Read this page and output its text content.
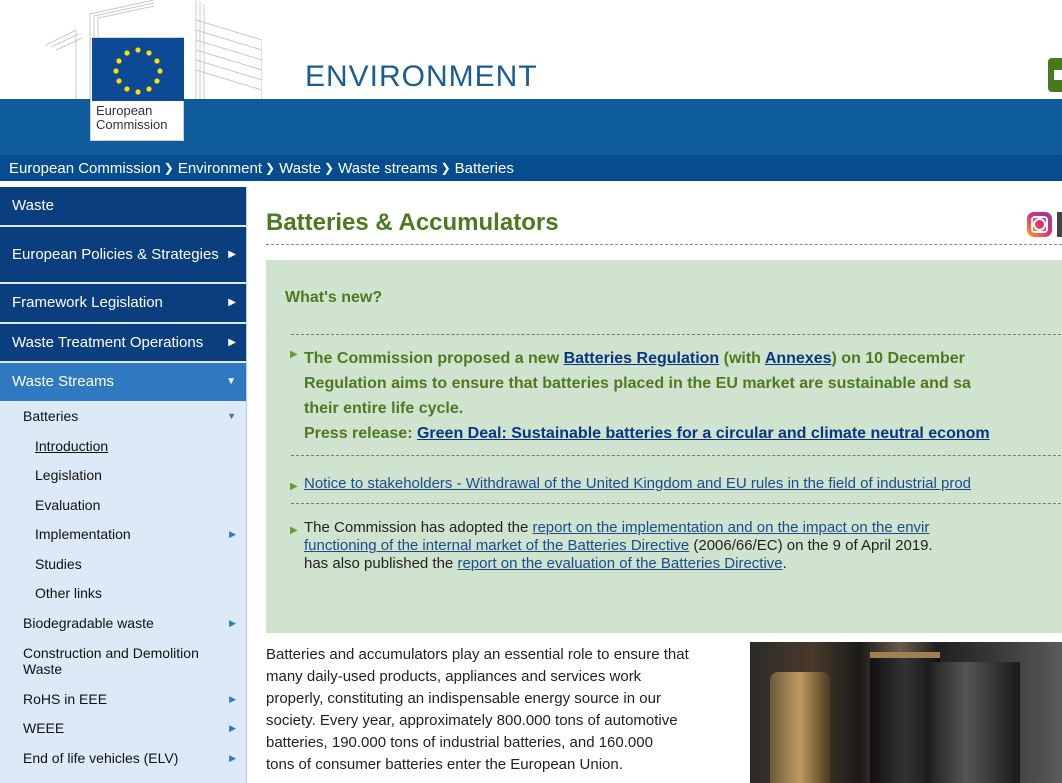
European
Commission
ENVIRONMENT
European Commission ❯ Environment ❯ Waste ❯ Waste streams ❯ Batteries
Waste
European Policies & Strategies ▶
Framework Legislation	▶
Waste Treatment Operations	▶
Waste Streams	▼
Batteries	▼
Introduction
Legislation
Evaluation
Implementation	▶
Studies
Other links
Biodegradable waste	▶
Construction and Demolition Waste
RoHS in EEE	▶
WEEE	▶
End of life vehicles (ELV)	▶
Batteries & Accumulators
What's new?
▶ The Commission proposed a new Batteries Regulation (with Annexes) on 10 December
Regulation aims to ensure that batteries placed in the EU market are sustainable and sa
their entire life cycle.
Press release: Green Deal: Sustainable batteries for a circular and climate neutral econom
▶ Notice to stakeholders - Withdrawal of the United Kingdom and EU rules in the field of industrial prod
▶ The Commission has adopted the report on the implementation and on the impact on the envir
functioning of the internal market of the Batteries Directive (2006/66/EC) on the 9 of April 2019.
has also published the report on the evaluation of the Batteries Directive.
Batteries and accumulators play an essential role to ensure that
many daily-used products, appliances and services work
properly, constituting an indispensable energy source in our
society. Every year, approximately 800.000 tons of automotive
batteries, 190.000 tons of industrial batteries, and 160.000
tons of consumer batteries enter the European Union.
